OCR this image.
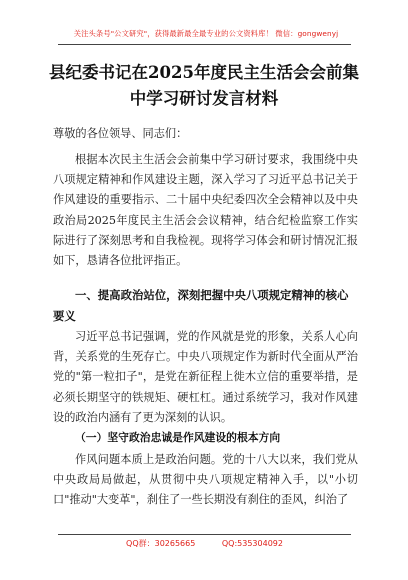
关注头条号"公文研究"，获得最新最全最专业的公文资料库！ 微信：gongwenyj
县纪委书记在2025年度民主生活会会前集中学习研讨发言材料
尊敬的各位领导、同志们：
根据本次民主生活会会前集中学习研讨要求，我围绕中央八项规定精神和作风建设主题，深入学习了习近平总书记关于作风建设的重要指示、二十届中央纪委四次全会精神以及中央政治局2025年度民主生活会会议精神，结合纪检监察工作实际进行了深刻思考和自我检视。现将学习体会和研讨情况汇报如下，恳请各位批评指正。
一、提高政治站位，深刻把握中央八项规定精神的核心要义
习近平总书记强调，党的作风就是党的形象，关系人心向背，关系党的生死存亡。中央八项规定作为新时代全面从严治党的"第一粒扣子"，是党在新征程上徙木立信的重要举措，是必须长期坚守的铁规矩、硬杠杠。通过系统学习，我对作风建设的政治内涵有了更为深刻的认识。
（一）坚守政治忠诚是作风建设的根本方向
作风问题本质上是政治问题。党的十八大以来，我们党从中央政局局做起，从贯彻中央八项规定精神入手，以"小切口"推动"大变革"，刹住了一些长期没有刹住的歪风，纠治了
QQ群：30265665	QQ:535304092
